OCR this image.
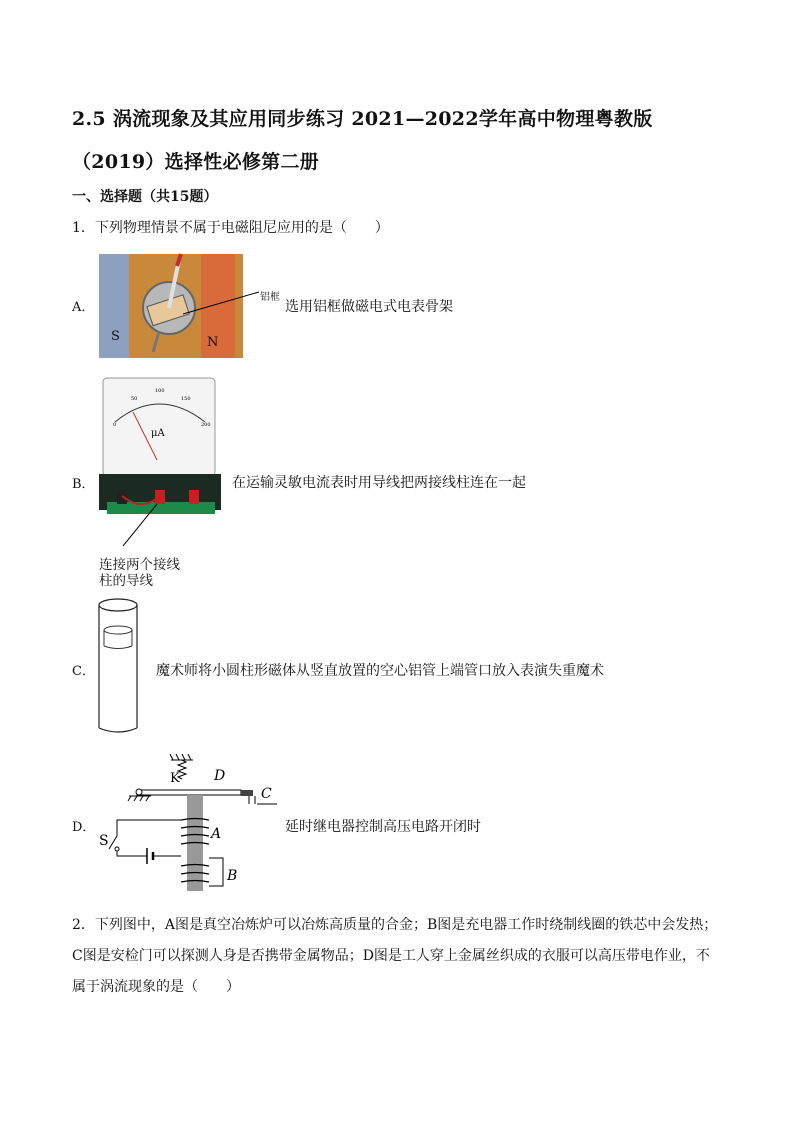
2.5 涡流现象及其应用同步练习 2021—2022学年高中物理粤教版
（2019）选择性必修第二册
一、选择题（共15题）
1．下列物理情景不属于电磁阻尼应用的是（　　）
A．
S	N
铝框
选用铝框做磁电式电表骨架
B．
0
50
100
150
200
μA
连接两个接线
柱的导线
在运输灵敏电流表时用导线把两接线柱连在一起
C．	魔术师将小圆柱形磁体从竖直放置的空心铝管上端管口放入表演失重魔术
D．
K D
C
A
B
S
延时继电器控制高压电路开闭时
2．下列图中，A图是真空冶炼炉可以冶炼高质量的合金；B图是充电器工作时绕制线圈的铁芯中会发热；C图是安检门可以探测人身是否携带金属物品；D图是工人穿上金属丝织成的衣服可以高压带电作业，不属于涡流现象的是（　　）
